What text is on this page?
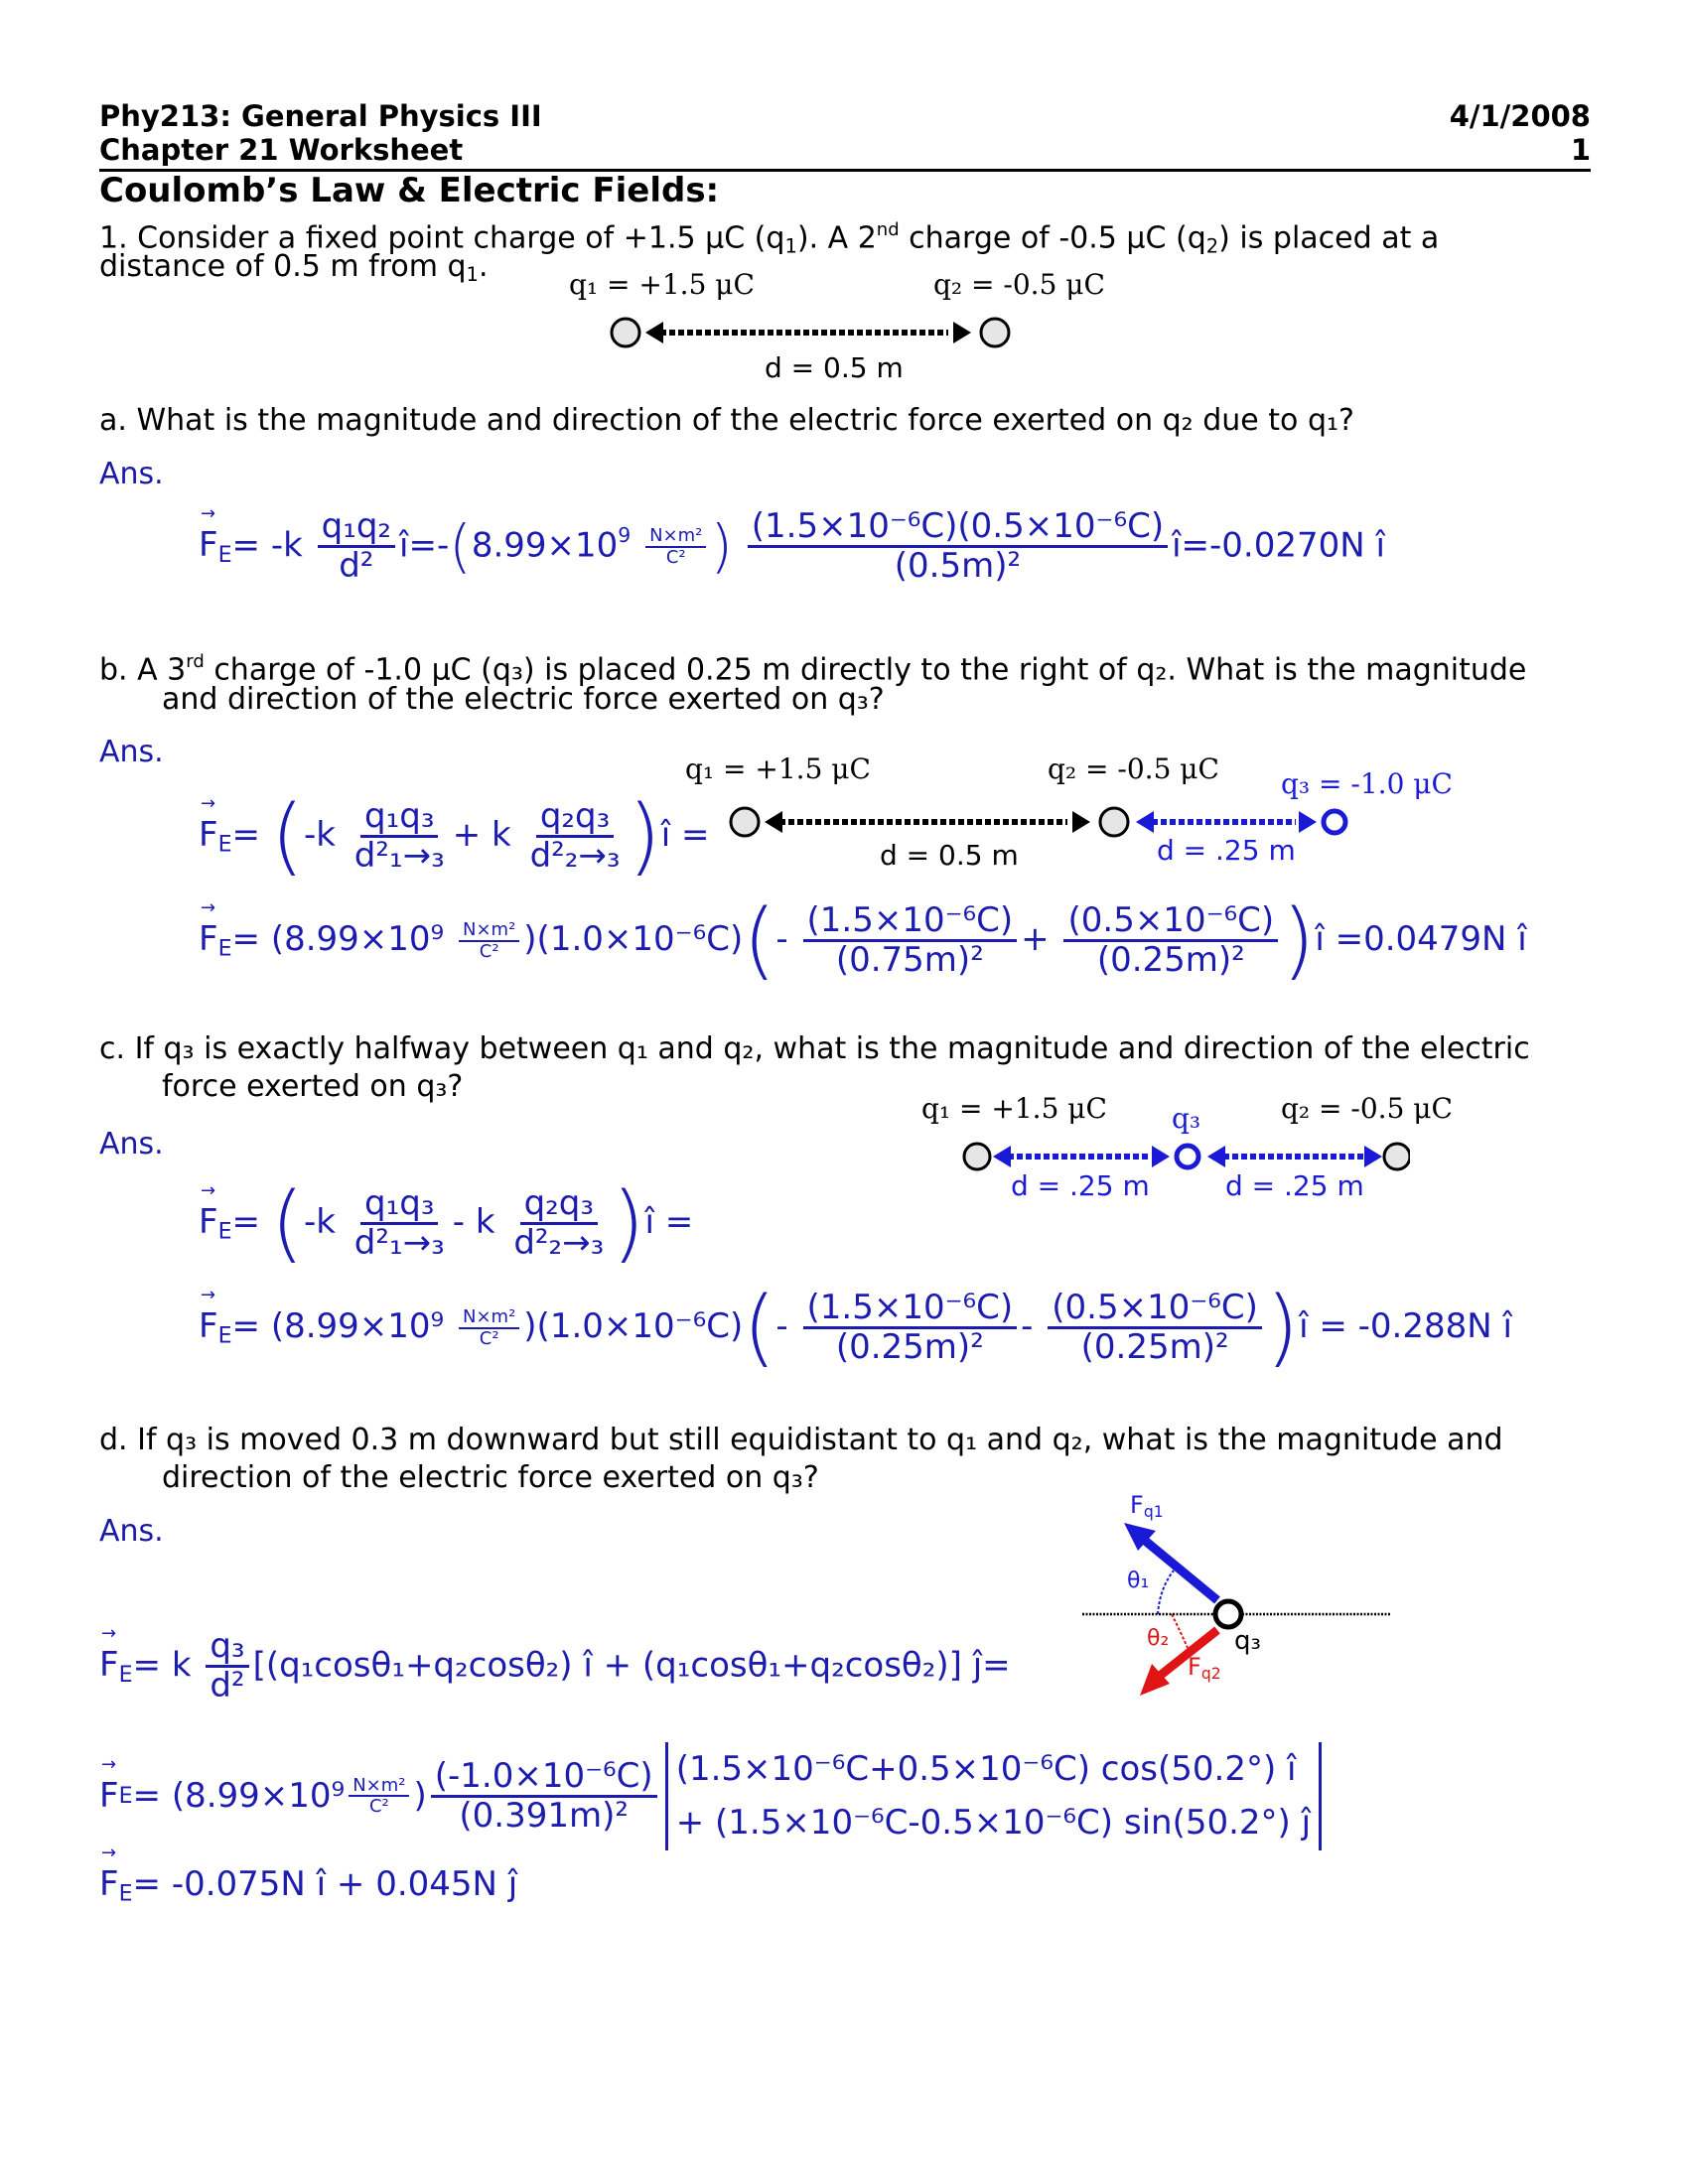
Phy213: General Physics III
Chapter 21 Worksheet
4/1/2008
1
Coulomb’s Law & Electric Fields:
1. Consider a fixed point charge of +1.5 μC $(q_1)$. A 2nd charge of -0.5 μC $(q_2)$ is placed at a
distance of 0.5 m from $q_1$.
q₁ = +1.5 μC	q₂ = -0.5 μC
d = 0.5 m
a. What is the magnitude and direction of the electric force exerted on q₂ due to q₁?
Ans.
→ $F_E= -k \frac{\text{q₁q₂}}{\text{d²}}$ $î=-(8.99\times 10^9 \frac{\text{N×m²}}{\text{C²}}$ ) $\frac{\text{(1.5×10⁻⁶C)(0.5×10⁻⁶C)}}{\text{(0.5m)²}}$ î=-0.0270N î
b. A 3rd charge of -1.0 μC (q₃) is placed 0.25 m directly to the right of q₂. What is the magnitude
and direction of the electric force exerted on q₃?
Ans.
→ $F_E= (-k \frac{\text{q₁q₃}}{\text{d²₁→₃}} + k \frac{\text{q₂q₃}}{\text{d²₂→₃}}$ )î =
q₁ = +1.5 μC	q₂ = -0.5 μC q₃ = -1.0 μC
d = 0.5 m	d = .25 m
→ $F_E= (8.99\times 10^9 \frac{\text{N×m²}}{\text{C²}} )(1.0\times 10^{-6}C)(- \frac{\text{(1.5×10⁻⁶C)}}{\text{(0.75m)²}} + \frac{\text{(0.5×10⁻⁶C)}}{\text{(0.25m)²}}$ )î =0.0479N î
c. If q₃ is exactly halfway between q₁ and q₂, what is the magnitude and direction of the electric
force exerted on q₃?
Ans.
q₁ = +1.5 μC q₃	q₂ = -0.5 μC
d = .25 m	d = .25 m
→ $F_E= (-k \frac{\text{q₁q₃}}{\text{d²₁→₃}} - k \frac{\text{q₂q₃}}{\text{d²₂→₃}}$ )î =
→ $F_E= (8.99\times 10^9 \frac{\text{N×m²}}{\text{C²}} )(1.0\times 10^{-6}C)(- \frac{\text{(1.5×10⁻⁶C)}}{\text{(0.25m)²}} - \frac{\text{(0.5×10⁻⁶C)}}{\text{(0.25m)²}}$ )î = -0.288N î
d. If q₃ is moved 0.3 m downward but still equidistant to q₁ and q₂, what is the magnitude and
direction of the electric force exerted on q₃?
Ans.
$F_{q1}$
θ₁
θ₂	q₃
$F_{q2}$
→ $F_E= k \frac{\text{q₃}}{\text{d²}} [(q_1\cos\theta_1+q_2\cos\theta_2)$ î + (q₁cosθ₁+q₂cosθ₂)] ĵ=
→ F $E = (8.99\times 10^9 \frac{\text{N×m²}}{\text{C²}}$ ) $\frac{\text{(-1.0×10⁻⁶C)}}{\text{(0.391m)²}} (1.5\times 10^{-6}C+0.5\times 10^{-6}C)$ cos(50.2°) î
+ (1.5×10⁻⁶C-0.5×10⁻⁶C) sin(50.2°) ĵ
→ $F_E= -0.075N$ î + 0.045N ĵ
